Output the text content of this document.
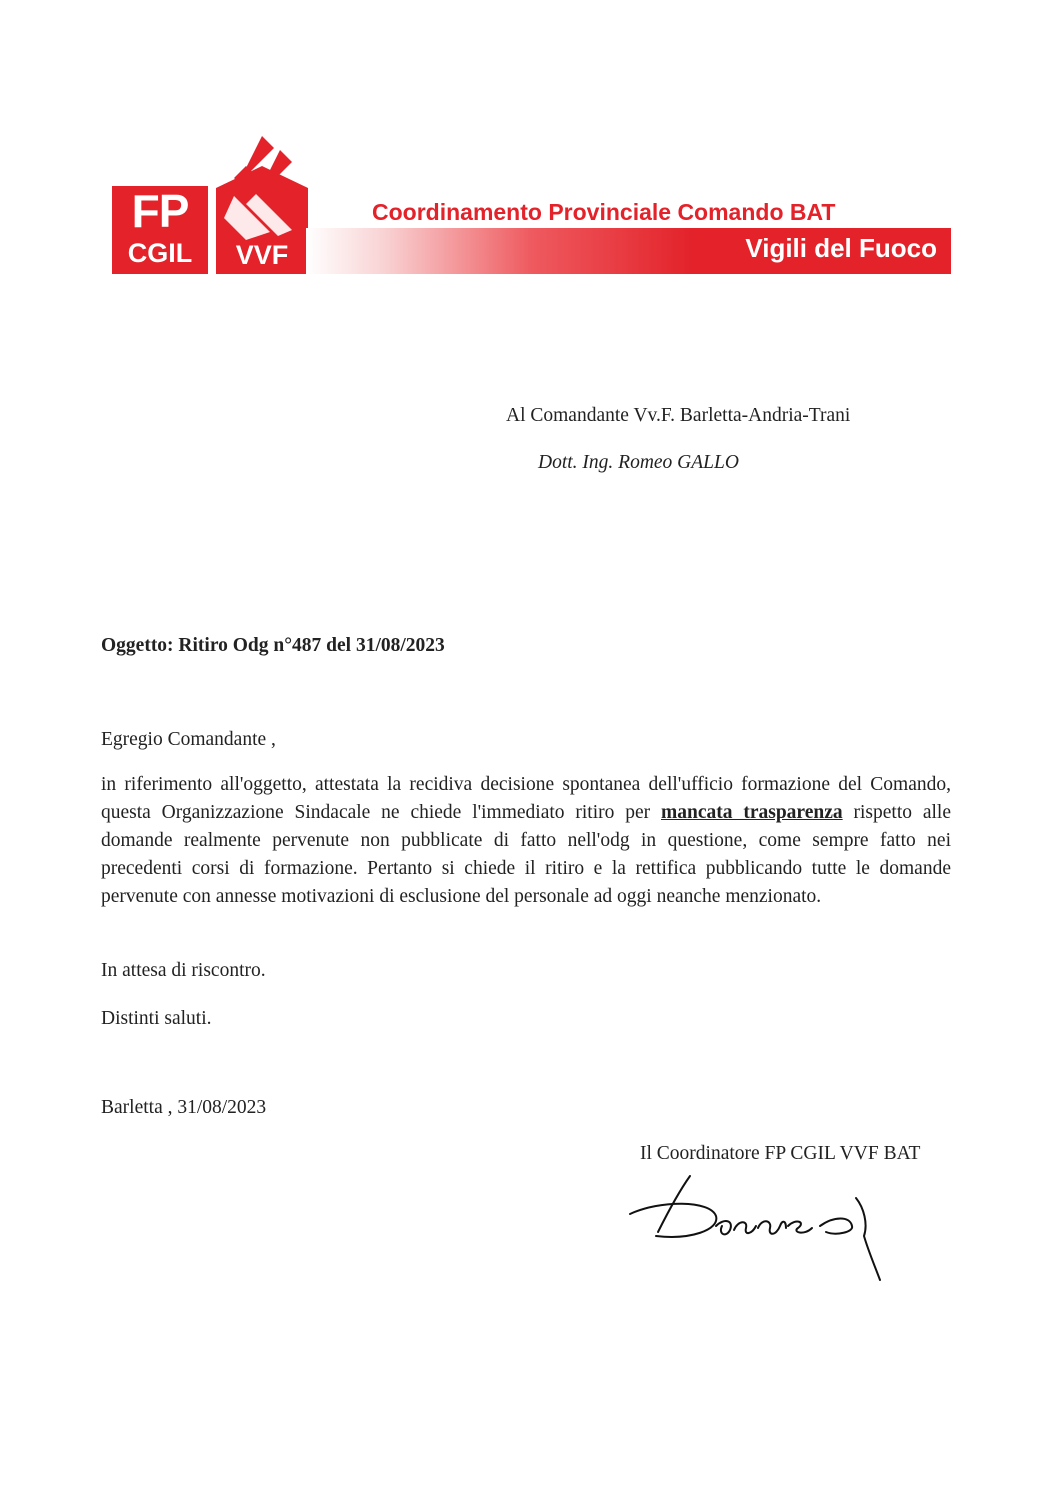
FP
CGIL	VVF
Coordinamento Provinciale Comando BAT
Vigili del Fuoco
Al Comandante Vv.F. Barletta-Andria-Trani
Dott. Ing. Romeo GALLO
Oggetto: Ritiro Odg n°487 del 31/08/2023
Egregio Comandante ,
in riferimento all'oggetto, attestata la recidiva decisione spontanea dell'ufficio formazione del Comando, questa Organizzazione Sindacale ne chiede l'immediato ritiro per mancata trasparenza rispetto alle domande realmente pervenute non pubblicate di fatto nell'odg in questione, come sempre fatto nei precedenti corsi di formazione. Pertanto si chiede il ritiro e la rettifica pubblicando tutte le domande pervenute con annesse motivazioni di esclusione del personale ad oggi neanche menzionato.
In attesa di riscontro.
Distinti saluti.
Barletta , 31/08/2023
Il Coordinatore FP CGIL VVF BAT
